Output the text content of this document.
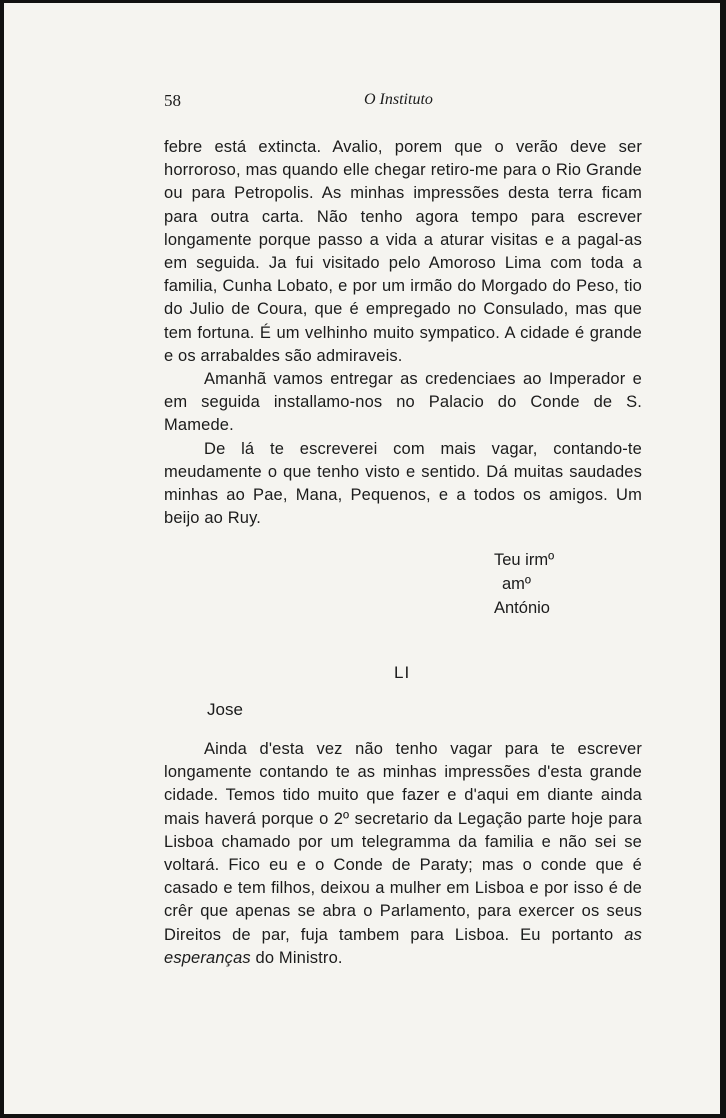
58	O Instituto

febre está extincta. Avalio, porem que o verão deve ser horroroso, mas quando elle chegar retiro-me para o Rio Grande ou para Petropolis. As minhas impressões desta terra ficam para outra carta. Não tenho agora tempo para escrever longamente porque passo a vida a aturar visitas e a pagal-as em seguida. Ja fui visitado pelo Amoroso Lima com toda a familia, Cunha Lobato, e por um irmão do Morgado do Peso, tio do Julio de Coura, que é empregado no Consulado, mas que tem fortuna. É um velhinho muito sympatico. A cidade é grande e os arrabaldes são admiraveis.

Amanhã vamos entregar as credenciaes ao Imperador e em seguida installamo-nos no Palacio do Conde de S. Mamede.

De lá te escreverei com mais vagar, contando-te meudamente o que tenho visto e sentido. Dá muitas saudades minhas ao Pae, Mana, Pequenos, e a todos os amigos. Um beijo ao Ruy.

Teu irmº
amº
António
LI
Jose

Ainda d'esta vez não tenho vagar para te escrever longamente contando te as minhas impressões d'esta grande cidade. Temos tido muito que fazer e d'aqui em diante ainda mais haverá porque o 2º secretario da Legação parte hoje para Lisboa chamado por um telegramma da familia e não sei se voltará. Fico eu e o Conde de Paraty; mas o conde que é casado e tem filhos, deixou a mulher em Lisboa e por isso é de crêr que apenas se abra o Parlamento, para exercer os seus Direitos de par, fuja tambem para Lisboa. Eu portanto as esperanças do Ministro.
